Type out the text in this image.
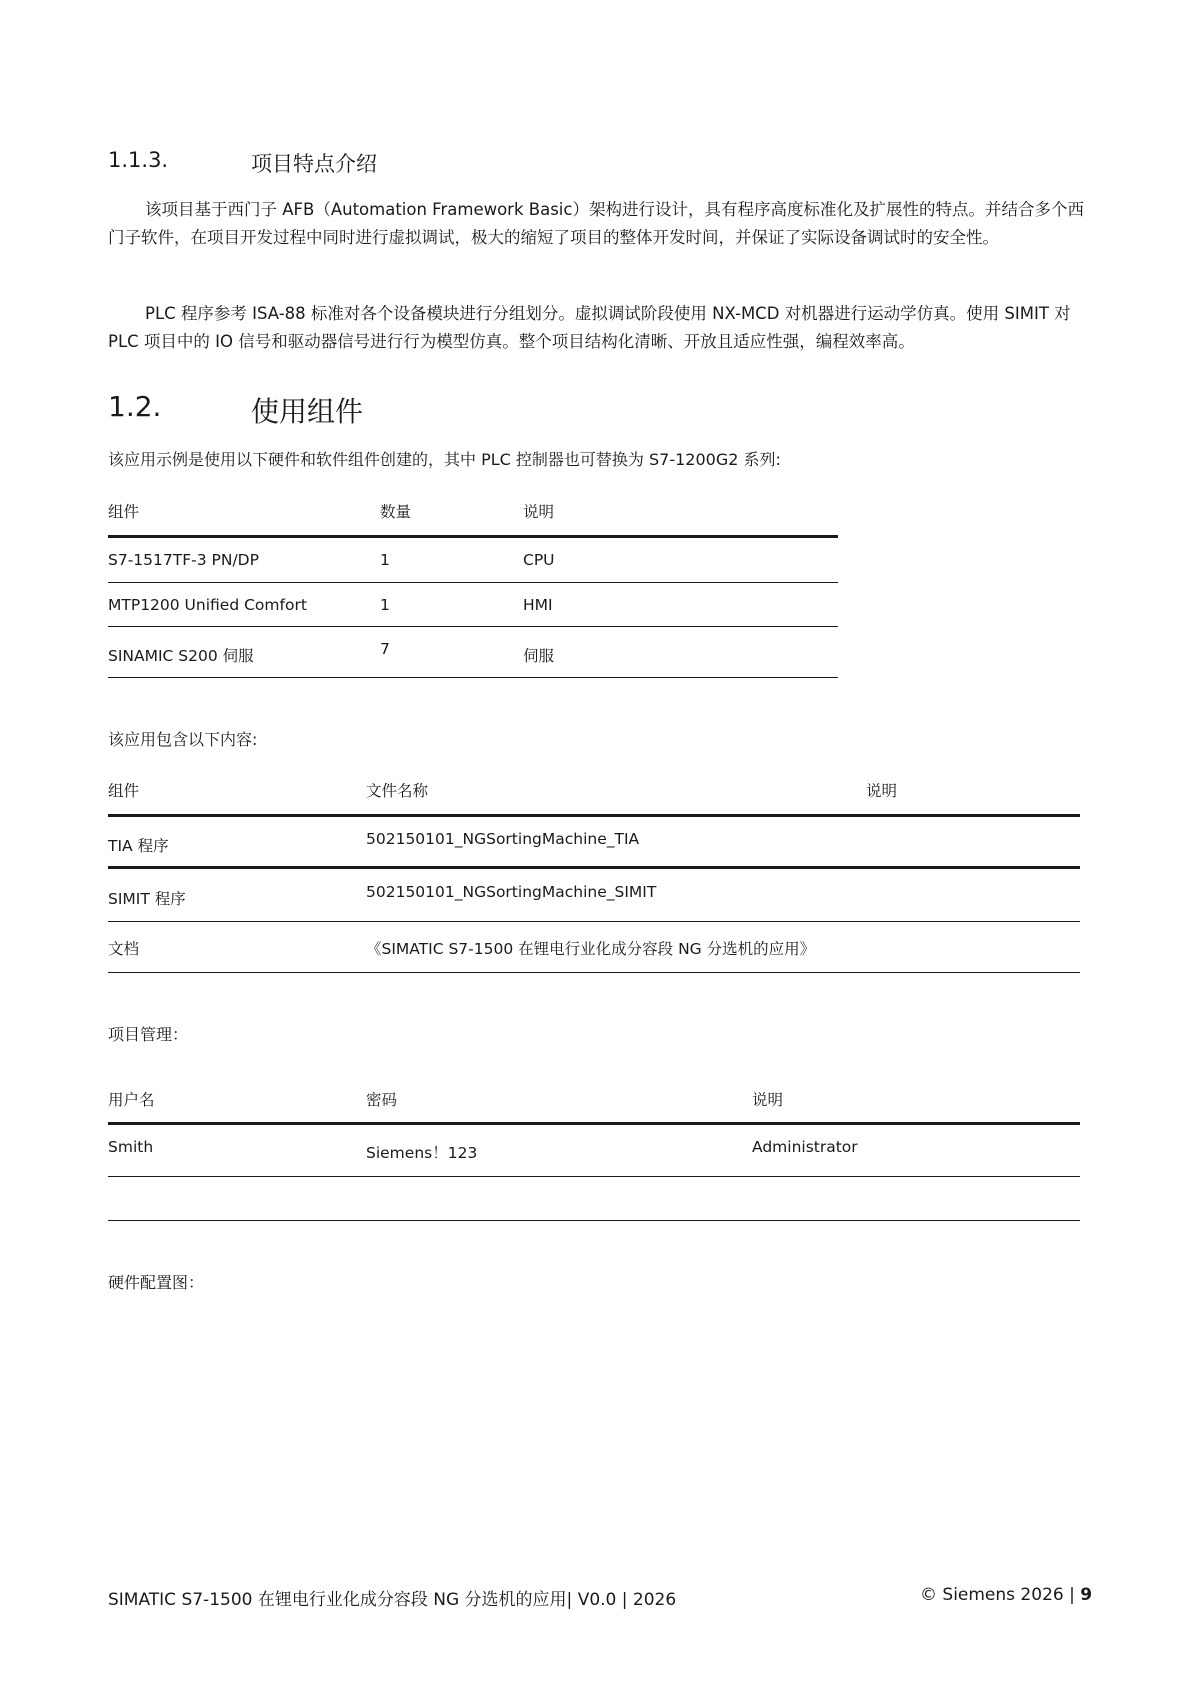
1.1.3.	项目特点介绍
该项目基于西门子 AFB（Automation Framework Basic）架构进行设计，具有程序高度标准化及扩展性的特点。并结合多个西门子软件，在项目开发过程中同时进行虚拟调试，极大的缩短了项目的整体开发时间，并保证了实际设备调试时的安全性。
PLC 程序参考 ISA-88 标准对各个设备模块进行分组划分。虚拟调试阶段使用 NX-MCD 对机器进行运动学仿真。使用 SIMIT 对 PLC 项目中的 IO 信号和驱动器信号进行行为模型仿真。整个项目结构化清晰、开放且适应性强，编程效率高。
1.2.	使用组件
该应用示例是使用以下硬件和软件组件创建的，其中 PLC 控制器也可替换为 S7-1200G2 系列:
组件	数量	说明
S7-1517TF-3 PN/DP	1	CPU
MTP1200 Unified Comfort	1	HMI
SINAMIC S200 伺服	7	伺服
该应用包含以下内容:
组件	文件名称	说明
TIA 程序	502150101_NGSortingMachine_TIA
SIMIT 程序	502150101_NGSortingMachine_SIMIT
文档	《SIMATIC S7-1500 在锂电行业化成分容段 NG 分选机的应用》
项目管理：
用户名	密码	说明
Smith	Siemens！123	Administrator
硬件配置图：
SIMATIC S7-1500 在锂电行业化成分容段 NG 分选机的应用| V0.0 | 2026	© Siemens 2026 | 9
